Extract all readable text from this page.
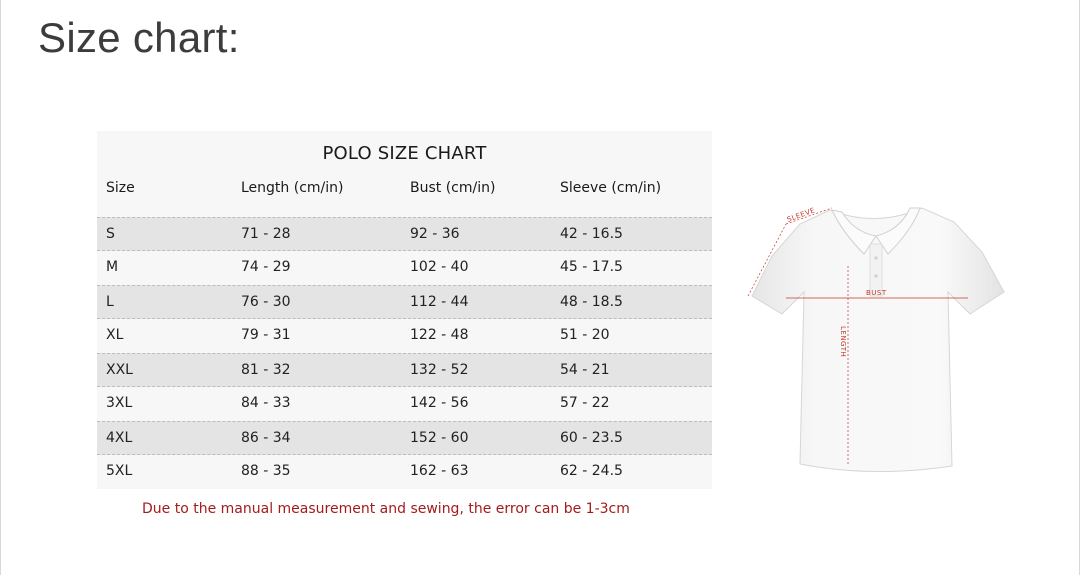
Size chart:
POLO SIZE CHART
Size	Length (cm/in)	Bust (cm/in)	Sleeve (cm/in)
S	71 - 28	92 - 36	42 - 16.5
M	74 - 29	102 - 40	45 - 17.5
L	76 - 30	112 - 44	48 - 18.5
XL	79 - 31	122 - 48	51 - 20
XXL	81 - 32	132 - 52	54 - 21
3XL	84 - 33	142 - 56	57 - 22
4XL	86 - 34	152 - 60	60 - 23.5
5XL	88 - 35	162 - 63	62 - 24.5
Due to the manual measurement and sewing, the error can be 1-3cm
SLEEVE
BUST
LENGTH
